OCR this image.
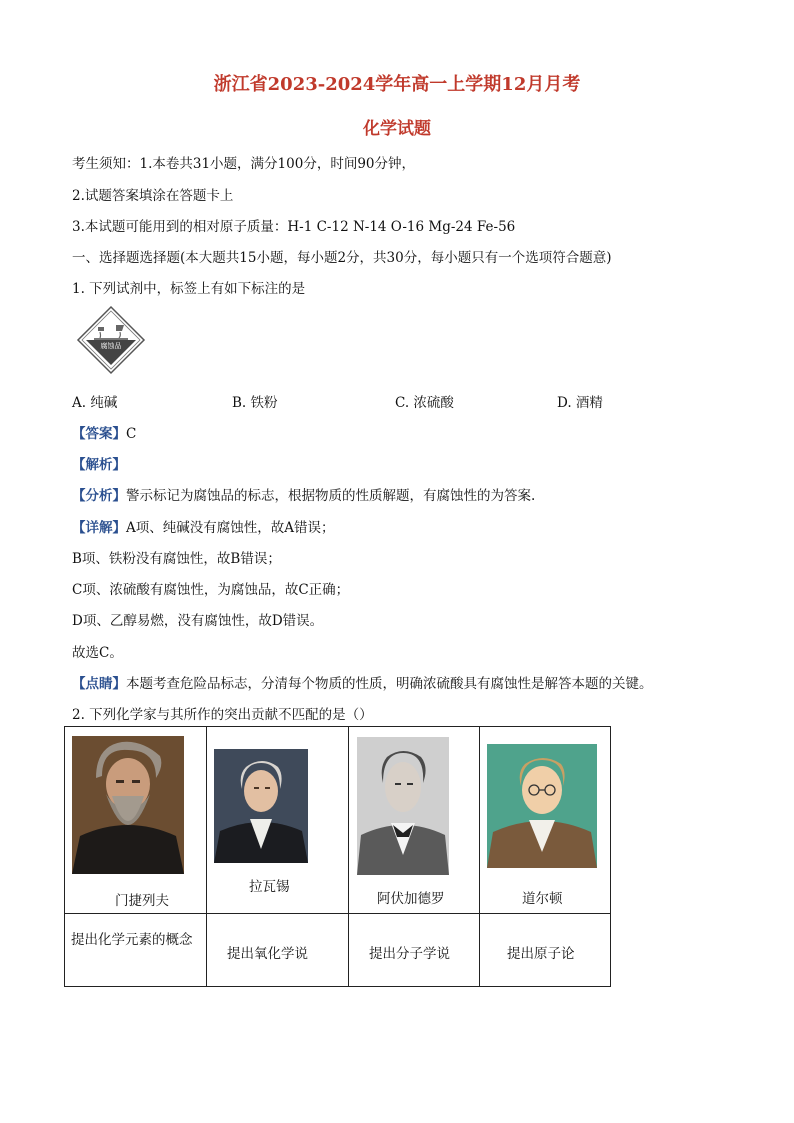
浙江省2023-2024学年高一上学期12月月考
化学试题
考生须知：1.本卷共31小题，满分100分，时间90分钟，
2.试题答案填涂在答题卡上
3.本试题可能用到的相对原子质量：H-1 C-12 N-14 O-16 Mg-24 Fe-56
一、选择题选择题(本大题共15小题，每小题2分，共30分，每小题只有一个选项符合题意)
1. 下列试剂中，标签上有如下标注的是
腐蚀品
A. 纯碱	B. 铁粉	C. 浓硫酸	D. 酒精
【答案】C
【解析】
【分析】警示标记为腐蚀品的标志，根据物质的性质解题，有腐蚀性的为答案.
【详解】A项、纯碱没有腐蚀性，故A错误；
B项、铁粉没有腐蚀性，故B错误；
C项、浓硫酸有腐蚀性，为腐蚀品，故C正确；
D项、乙醇易燃，没有腐蚀性，故D错误。
故选C。
【点睛】本题考查危险品标志，分清每个物质的性质，明确浓硫酸具有腐蚀性是解答本题的关键。
2. 下列化学家与其所作的突出贡献不匹配的是（）
门捷列夫	拉瓦锡	阿伏加德罗	道尔顿

提出化学元素的概念	提出氧化学说	提出分子学说	提出原子论
